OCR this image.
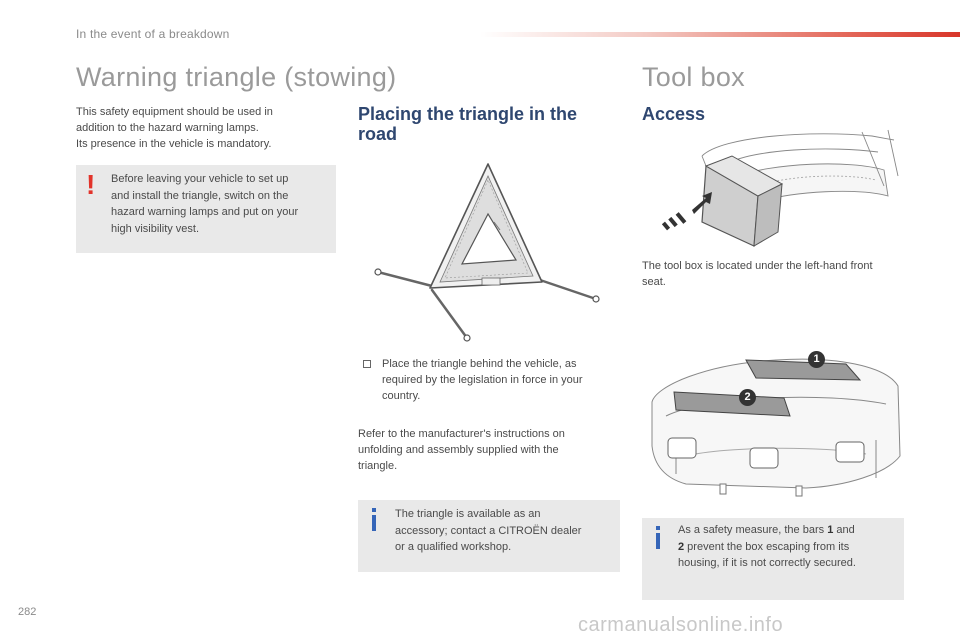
In the event of a breakdown
Warning triangle (stowing)
This safety equipment should be used in
addition to the hazard warning lamps.
Its presence in the vehicle is mandatory.
! Before leaving your vehicle to set up
and install the triangle, switch on the
hazard warning lamps and put on your
high visibility vest.
Placing the triangle in the
road
Place the triangle behind the vehicle, as
required by the legislation in force in your
country.
Refer to the manufacturer's instructions on
unfolding and assembly supplied with the
triangle.
The triangle is available as an
accessory; contact a CITROËN dealer
or a qualified workshop.
Tool box
Access
The tool box is located under the left-hand front
seat.
1
2
As a safety measure, the bars 1 and
2 prevent the box escaping from its
housing, if it is not correctly secured.
282
carmanualsonline.info
